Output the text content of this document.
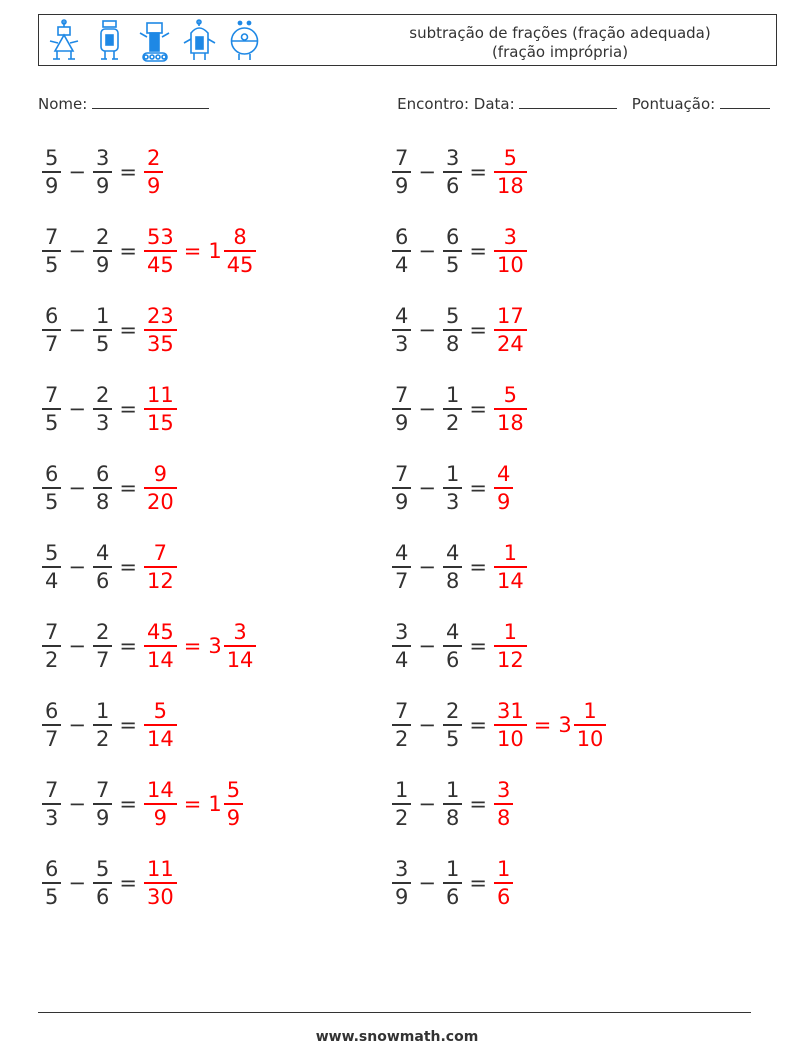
subtração de frações (fração adequada)
(fração imprópria)
Nome:	Encontro: Data:	Pontuação:
$\frac{5}{9} - \frac{3}{9} = \frac{2}{9}$
$\frac{7}{5} - \frac{2}{9} = \frac{53}{45} = 1 \frac{8}{45}$
$\frac{6}{7} - \frac{1}{5} = \frac{23}{35}$
$\frac{7}{5} - \frac{2}{3} = \frac{11}{15}$
$\frac{6}{5} - \frac{6}{8} = \frac{9}{20}$
$\frac{5}{4} - \frac{4}{6} = \frac{7}{12}$
$\frac{7}{2} - \frac{2}{7} = \frac{45}{14} = 3 \frac{3}{14}$
$\frac{6}{7} - \frac{1}{2} = \frac{5}{14}$
$\frac{7}{3} - \frac{7}{9} = \frac{14}{9} = 1 \frac{5}{9}$
$\frac{6}{5} - \frac{5}{6} = \frac{11}{30}$
$\frac{7}{9} - \frac{3}{6} = \frac{5}{18}$
$\frac{6}{4} - \frac{6}{5} = \frac{3}{10}$
$\frac{4}{3} - \frac{5}{8} = \frac{17}{24}$
$\frac{7}{9} - \frac{1}{2} = \frac{5}{18}$
$\frac{7}{9} - \frac{1}{3} = \frac{4}{9}$
$\frac{4}{7} - \frac{4}{8} = \frac{1}{14}$
$\frac{3}{4} - \frac{4}{6} = \frac{1}{12}$
$\frac{7}{2} - \frac{2}{5} = \frac{31}{10} = 3 \frac{1}{10}$
$\frac{1}{2} - \frac{1}{8} = \frac{3}{8}$
$\frac{3}{9} - \frac{1}{6} = \frac{1}{6}$
www.snowmath.com
